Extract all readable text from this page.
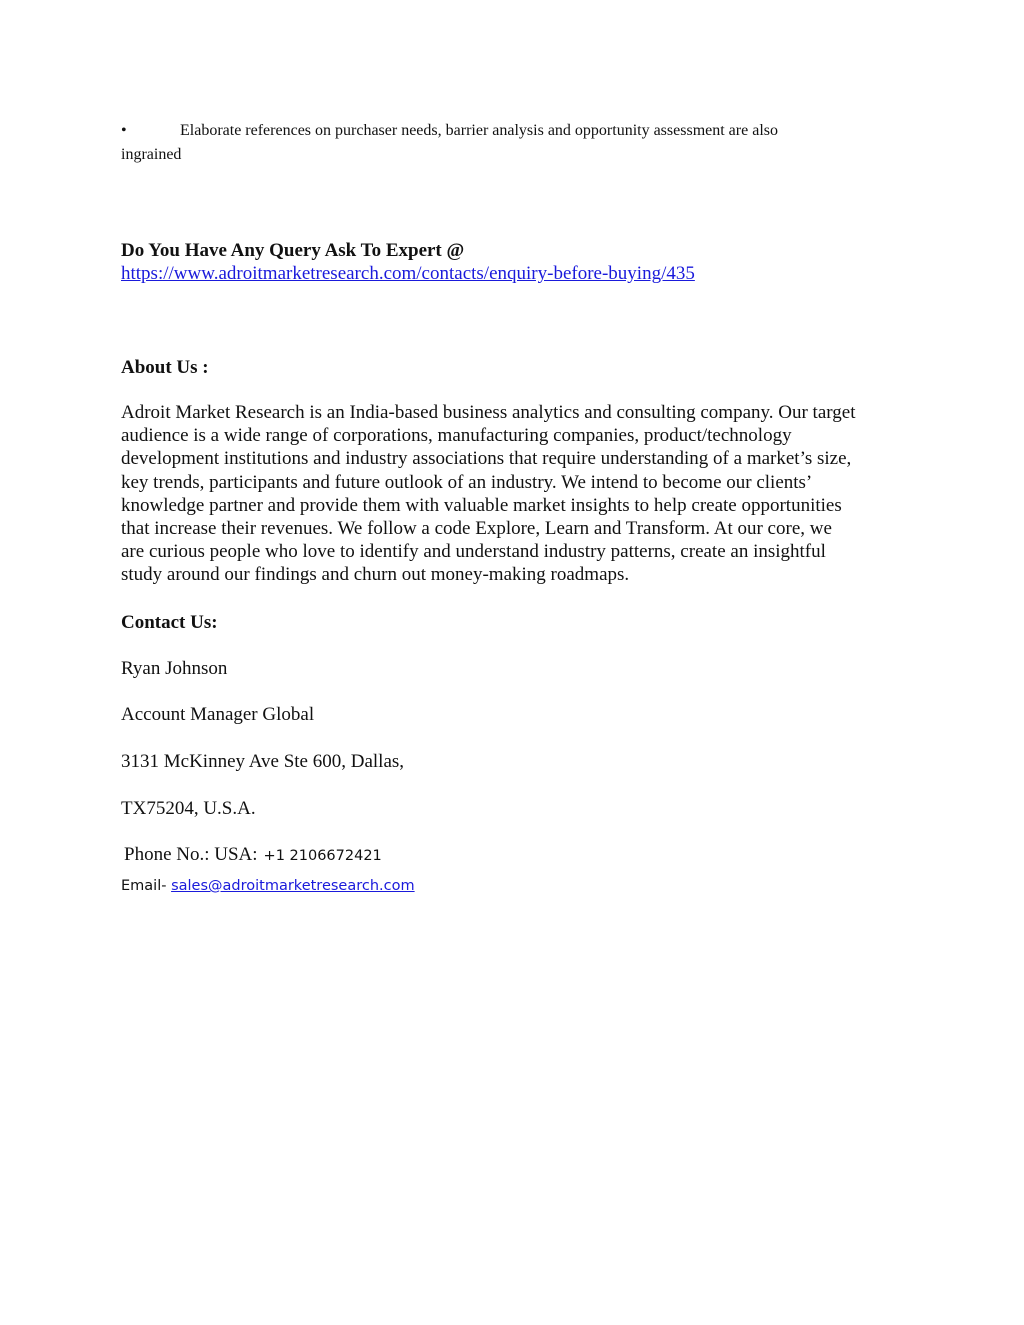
•	Elaborate references on purchaser needs, barrier analysis and opportunity assessment are also
ingrained
Do You Have Any Query Ask To Expert @
https://www.adroitmarketresearch.com/contacts/enquiry-before-buying/435
About Us :
Adroit Market Research is an India-based business analytics and consulting company. Our target
audience is a wide range of corporations, manufacturing companies, product/technology
development institutions and industry associations that require understanding of a market’s size,
key trends, participants and future outlook of an industry. We intend to become our clients’
knowledge partner and provide them with valuable market insights to help create opportunities
that increase their revenues. We follow a code Explore, Learn and Transform. At our core, we
are curious people who love to identify and understand industry patterns, create an insightful
study around our findings and churn out money-making roadmaps.
Contact Us:
Ryan Johnson
Account Manager Global
3131 McKinney Ave Ste 600, Dallas,
TX75204, U.S.A.
Phone No.: USA: +1 2106672421
Email- sales@adroitmarketresearch.com
